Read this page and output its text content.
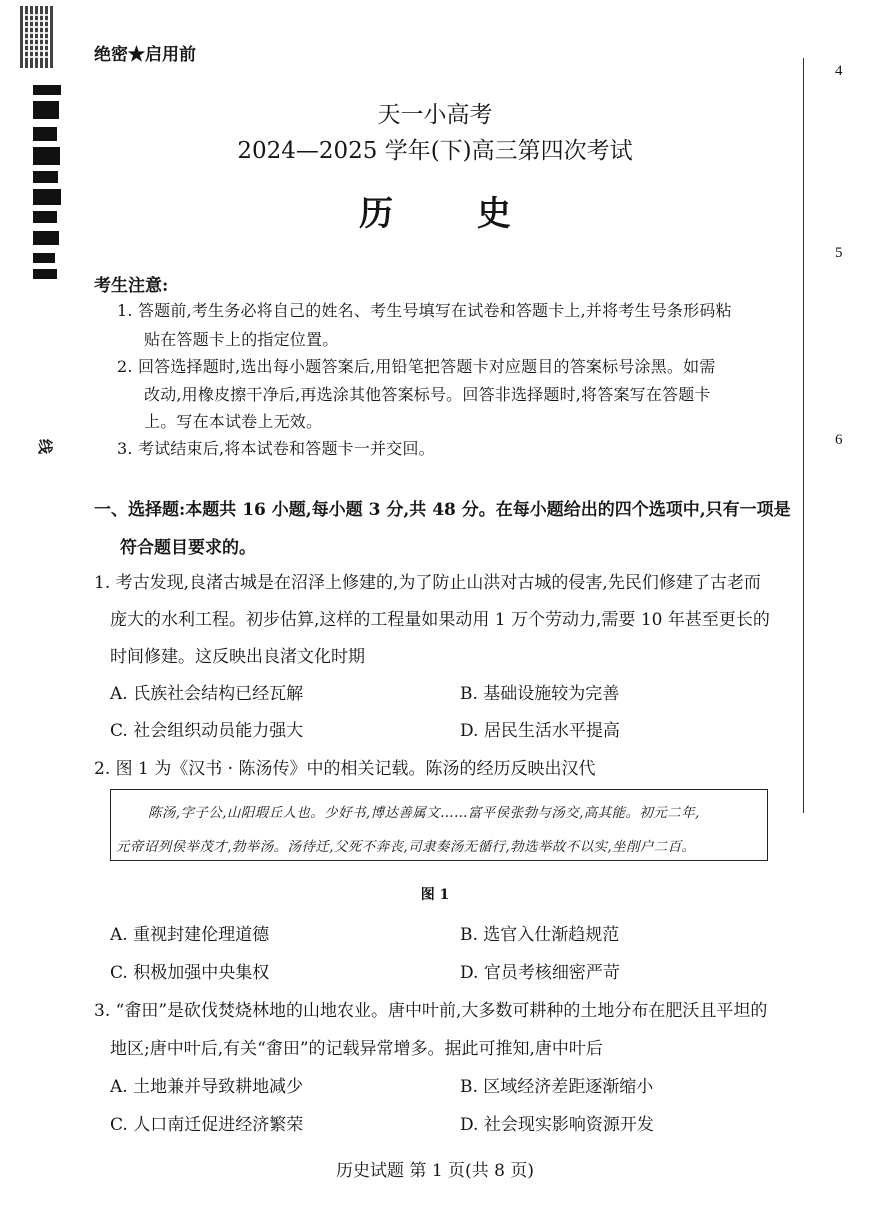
线
绝密★启用前
4
5
6
天一小高考
2024—2025 学年(下)高三第四次考试
历 史
考生注意:
1. 答题前,考生务必将自己的姓名、考生号填写在试卷和答题卡上,并将考生号条形码粘
贴在答题卡上的指定位置。
2. 回答选择题时,选出每小题答案后,用铅笔把答题卡对应题目的答案标号涂黑。如需
改动,用橡皮擦干净后,再选涂其他答案标号。回答非选择题时,将答案写在答题卡
上。写在本试卷上无效。
3. 考试结束后,将本试卷和答题卡一并交回。
一、选择题:本题共 16 小题,每小题 3 分,共 48 分。在每小题给出的四个选项中,只有一项是
符合题目要求的。
1. 考古发现,良渚古城是在沼泽上修建的,为了防止山洪对古城的侵害,先民们修建了古老而
庞大的水利工程。初步估算,这样的工程量如果动用 1 万个劳动力,需要 10 年甚至更长的
时间修建。这反映出良渚文化时期
A. 氏族社会结构已经瓦解	B. 基础设施较为完善
C. 社会组织动员能力强大	D. 居民生活水平提高
2. 图 1 为《汉书 · 陈汤传》中的相关记载。陈汤的经历反映出汉代
陈汤,字子公,山阳瑕丘人也。少好书,博达善属文……富平侯张勃与汤交,高其能。初元二年,
元帝诏列侯举茂才,勃举汤。汤待迁,父死不奔丧,司隶奏汤无循行,勃选举故不以实,坐削户二百。
图 1
A. 重视封建伦理道德	B. 选官入仕渐趋规范
C. 积极加强中央集权	D. 官员考核细密严苛
3. “畬田”是砍伐焚烧林地的山地农业。唐中叶前,大多数可耕种的土地分布在肥沃且平坦的
地区;唐中叶后,有关“畬田”的记载异常增多。据此可推知,唐中叶后
A. 土地兼并导致耕地减少	B. 区域经济差距逐渐缩小
C. 人口南迁促进经济繁荣	D. 社会现实影响资源开发
历史试题 第 1 页(共 8 页)
